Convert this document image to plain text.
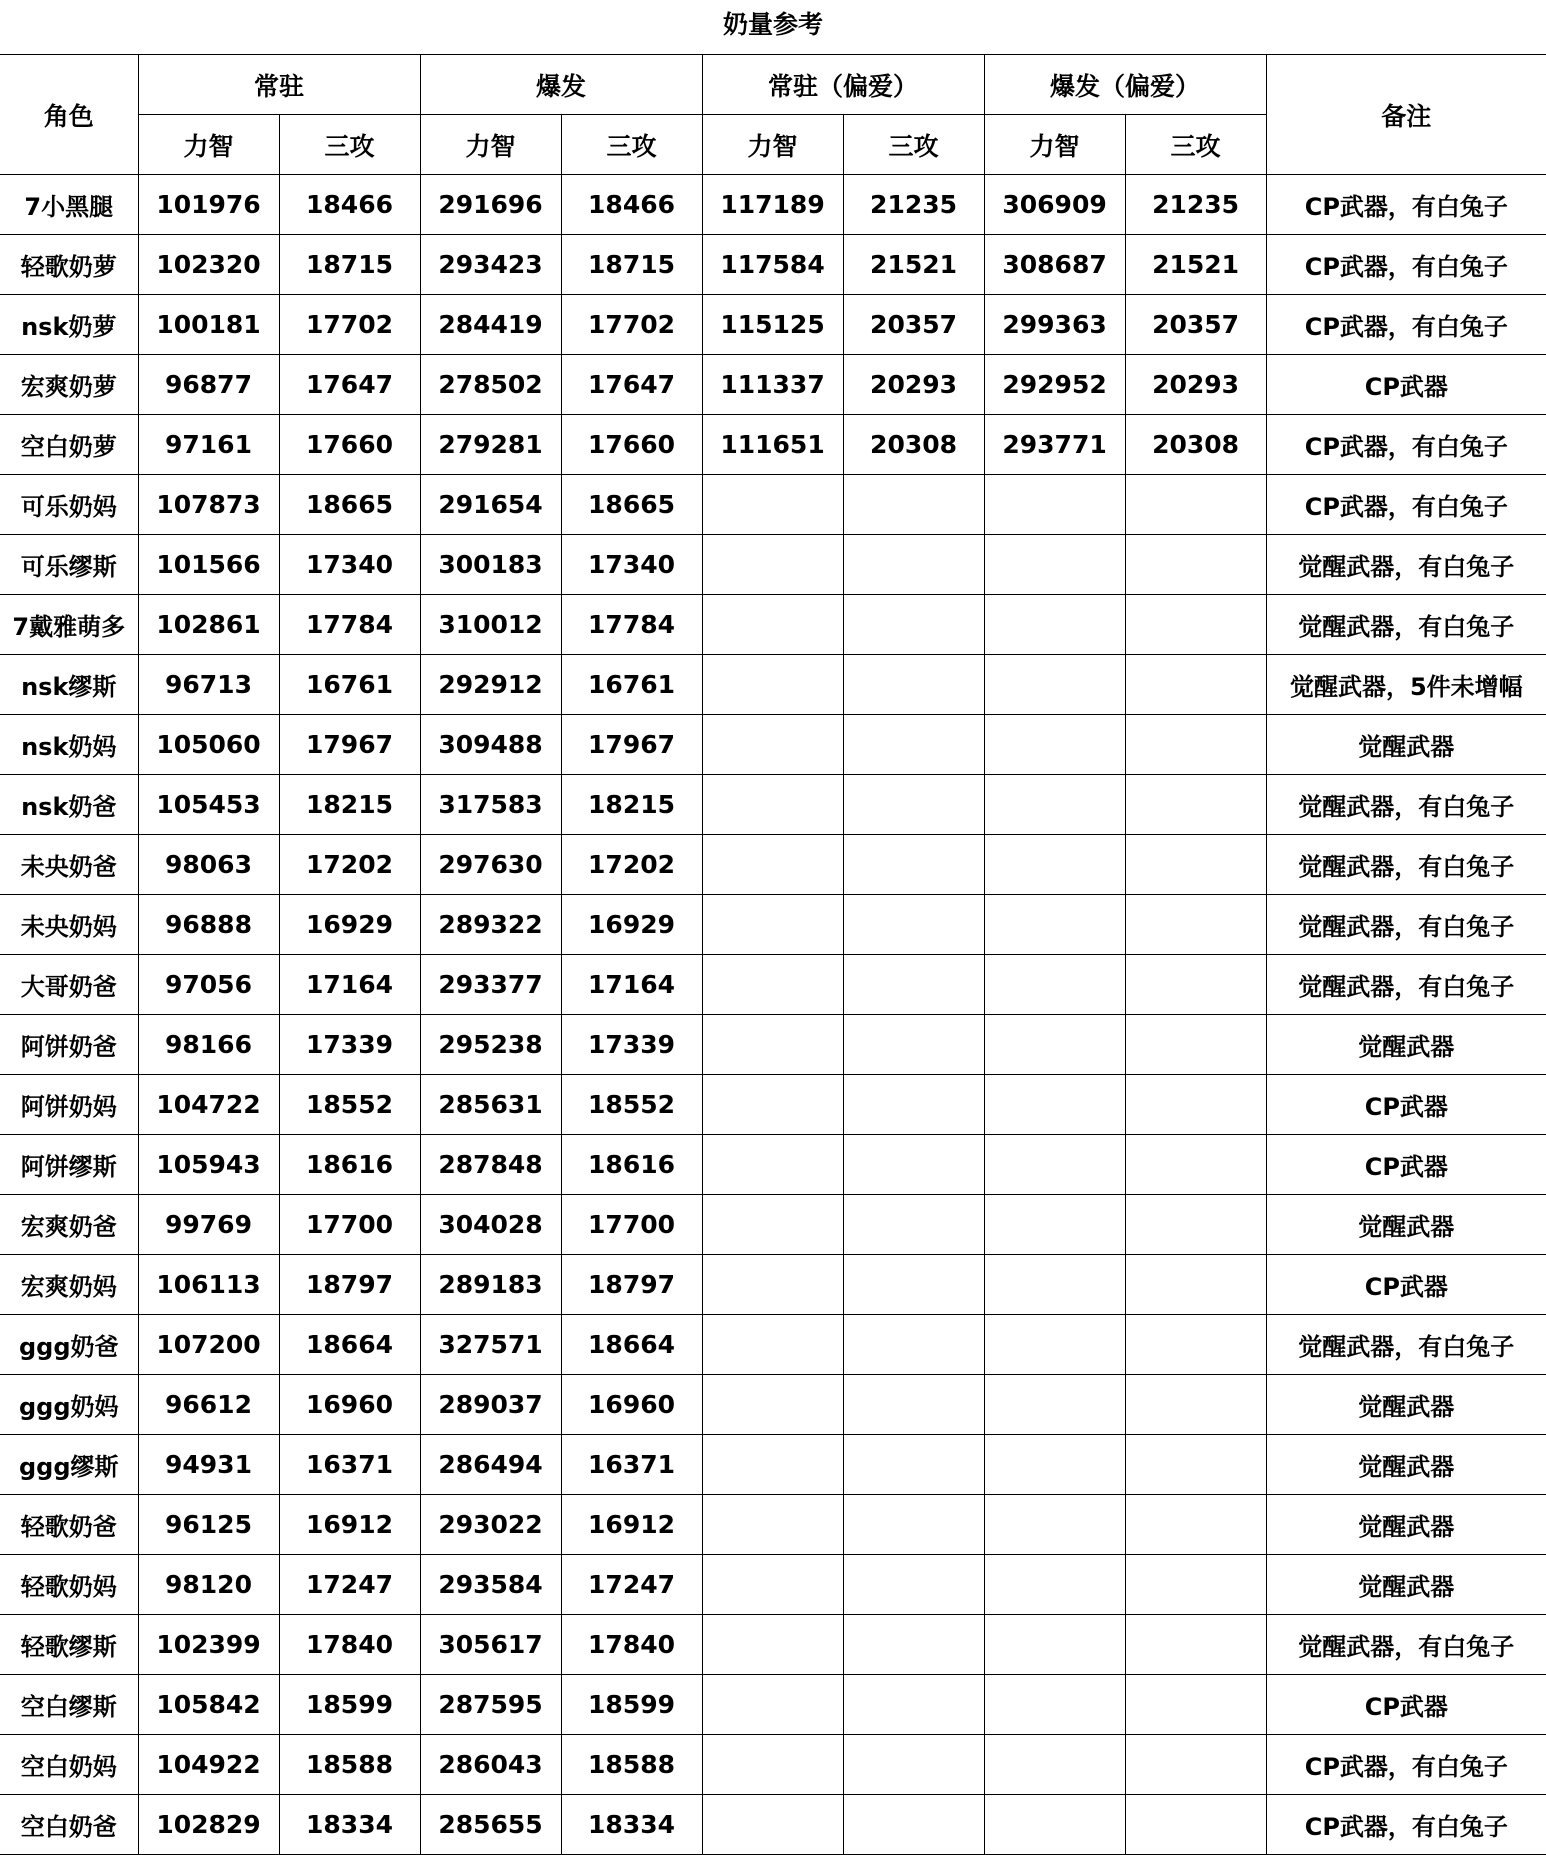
奶量参考
角色	常驻		爆发		常驻（偏爱）		爆发（偏爱）		备注
	力智	三攻	力智	三攻	力智	三攻	力智	三攻	
7小黑腿	101976	18466	291696	18466	117189	21235	306909	21235	CP武器，有白兔子
轻歌奶萝	102320	18715	293423	18715	117584	21521	308687	21521	CP武器，有白兔子
nsk奶萝	100181	17702	284419	17702	115125	20357	299363	20357	CP武器，有白兔子
宏爽奶萝	96877	17647	278502	17647	111337	20293	292952	20293	CP武器
空白奶萝	97161	17660	279281	17660	111651	20308	293771	20308	CP武器，有白兔子
可乐奶妈	107873	18665	291654	18665					CP武器，有白兔子
可乐缪斯	101566	17340	300183	17340					觉醒武器，有白兔子
7戴雅萌多	102861	17784	310012	17784					觉醒武器，有白兔子
nsk缪斯	96713	16761	292912	16761					觉醒武器，5件未增幅
nsk奶妈	105060	17967	309488	17967					觉醒武器
nsk奶爸	105453	18215	317583	18215					觉醒武器，有白兔子
未央奶爸	98063	17202	297630	17202					觉醒武器，有白兔子
未央奶妈	96888	16929	289322	16929					觉醒武器，有白兔子
大哥奶爸	97056	17164	293377	17164					觉醒武器，有白兔子
阿饼奶爸	98166	17339	295238	17339					觉醒武器
阿饼奶妈	104722	18552	285631	18552					CP武器
阿饼缪斯	105943	18616	287848	18616					CP武器
宏爽奶爸	99769	17700	304028	17700					觉醒武器
宏爽奶妈	106113	18797	289183	18797					CP武器
ggg奶爸	107200	18664	327571	18664					觉醒武器，有白兔子
ggg奶妈	96612	16960	289037	16960					觉醒武器
ggg缪斯	94931	16371	286494	16371					觉醒武器
轻歌奶爸	96125	16912	293022	16912					觉醒武器
轻歌奶妈	98120	17247	293584	17247					觉醒武器
轻歌缪斯	102399	17840	305617	17840					觉醒武器，有白兔子
空白缪斯	105842	18599	287595	18599					CP武器
空白奶妈	104922	18588	286043	18588					CP武器，有白兔子
空白奶爸	102829	18334	285655	18334					CP武器，有白兔子
